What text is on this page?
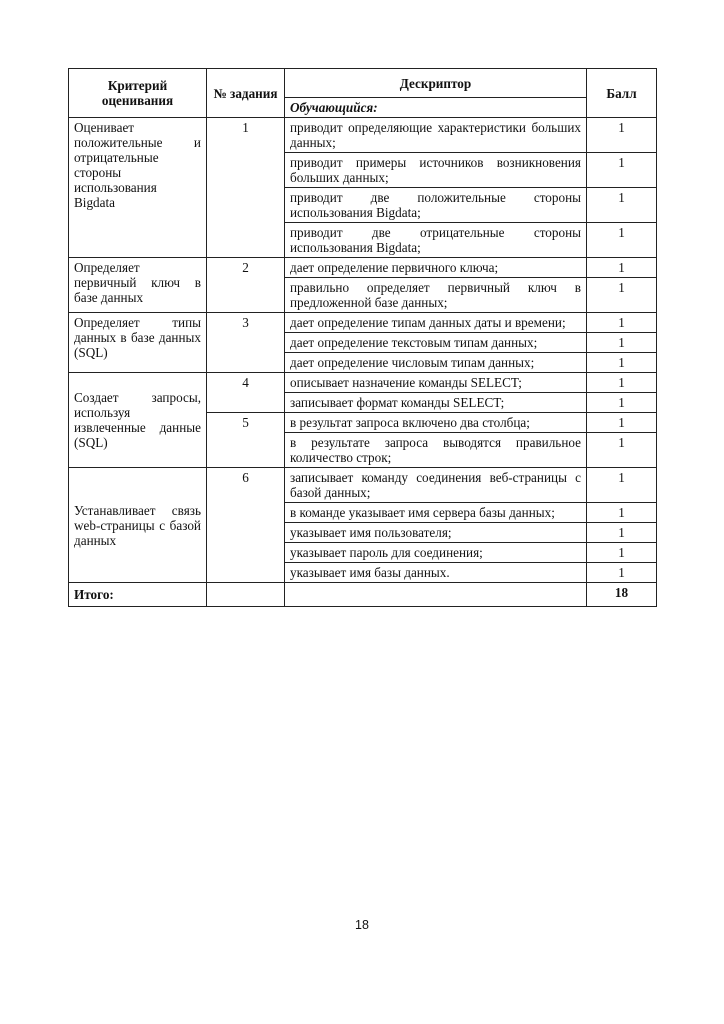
Критерий оценивания	№ задания	Дескриптор	Балл
		Обучающийся:	
Оценивает положительные и отрицательные стороны использования Bigdata	1	приводит определяющие характеристики больших данных;	1
		приводит примеры источников возникновения больших данных;	1
		приводит две положительные стороны использования Bigdata;	1
		приводит две отрицательные стороны использования Bigdata;	1
Определяет первичный ключ в базе данных	2	дает определение первичного ключа;	1
		правильно определяет первичный ключ в предложенной базе данных;	1
Определяет типы данных в базе данных (SQL)	3	дает определение типам данных даты и времени;	1
		дает определение текстовым типам данных;	1
		дает определение числовым типам данных;	1
Создает запросы, используя извлеченные данные (SQL)	4	описывает назначение команды SELECT;	1
		записывает формат команды SELECT;	1
	5	в результат запроса включено два столбца;	1
		в результате запроса выводятся правильное количество строк;	1
Устанавливает связь web-страницы с базой данных	6	записывает команду соединения веб-страницы с базой данных;	1
		в команде указывает имя сервера базы данных;	1
		указывает имя пользователя;	1
		указывает пароль для соединения;	1
		указывает имя базы данных.	1
Итого:			18
18
